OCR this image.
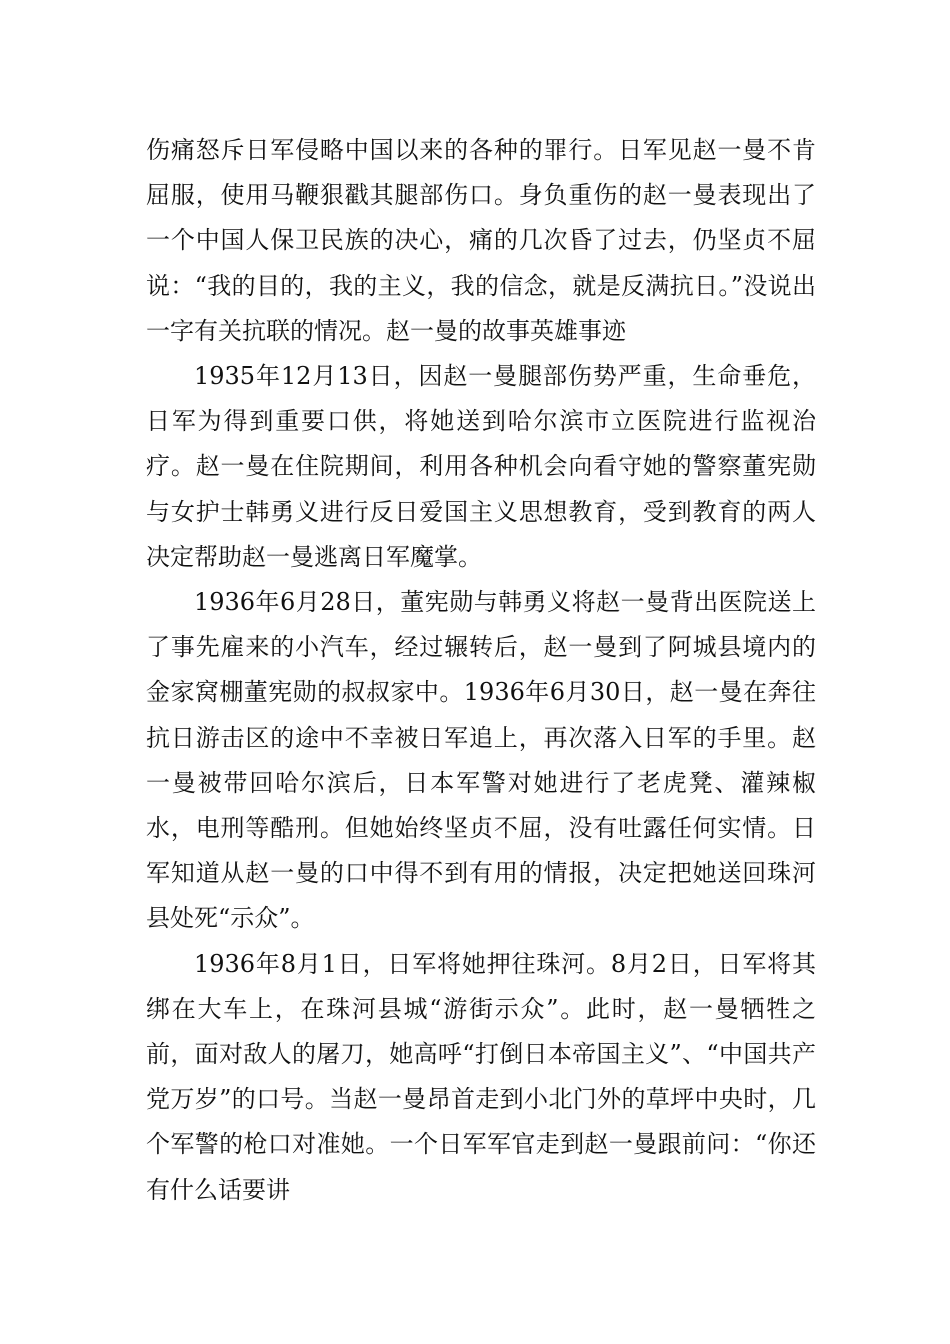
伤痛怒斥日军侵略中国以来的各种的罪行。日军见赵一曼不肯屈服，使用马鞭狠戳其腿部伤口。身负重伤的赵一曼表现出了一个中国人保卫民族的决心，痛的几次昏了过去，仍坚贞不屈说：“我的目的，我的主义，我的信念，就是反满抗日。”没说出一字有关抗联的情况。赵一曼的故事英雄事迹

1935年12月13日，因赵一曼腿部伤势严重，生命垂危，日军为得到重要口供，将她送到哈尔滨市立医院进行监视治疗。赵一曼在住院期间，利用各种机会向看守她的警察董宪勋与女护士韩勇义进行反日爱国主义思想教育，受到教育的两人决定帮助赵一曼逃离日军魔掌。

1936年6月28日，董宪勋与韩勇义将赵一曼背出医院送上了事先雇来的小汽车，经过辗转后，赵一曼到了阿城县境内的金家窝棚董宪勋的叔叔家中。1936年6月30日，赵一曼在奔往抗日游击区的途中不幸被日军追上，再次落入日军的手里。赵一曼被带回哈尔滨后，日本军警对她进行了老虎凳、灌辣椒水，电刑等酷刑。但她始终坚贞不屈，没有吐露任何实情。日军知道从赵一曼的口中得不到有用的情报，决定把她送回珠河县处死“示众”。

1936年8月1日，日军将她押往珠河。8月2日，日军将其绑在大车上，在珠河县城“游街示众”。此时，赵一曼牺牲之前，面对敌人的屠刀，她高呼“打倒日本帝国主义”、“中国共产党万岁”的口号。当赵一曼昂首走到小北门外的草坪中央时，几个军警的枪口对准她。一个日军军官走到赵一曼跟前问：“你还有什么话要讲
